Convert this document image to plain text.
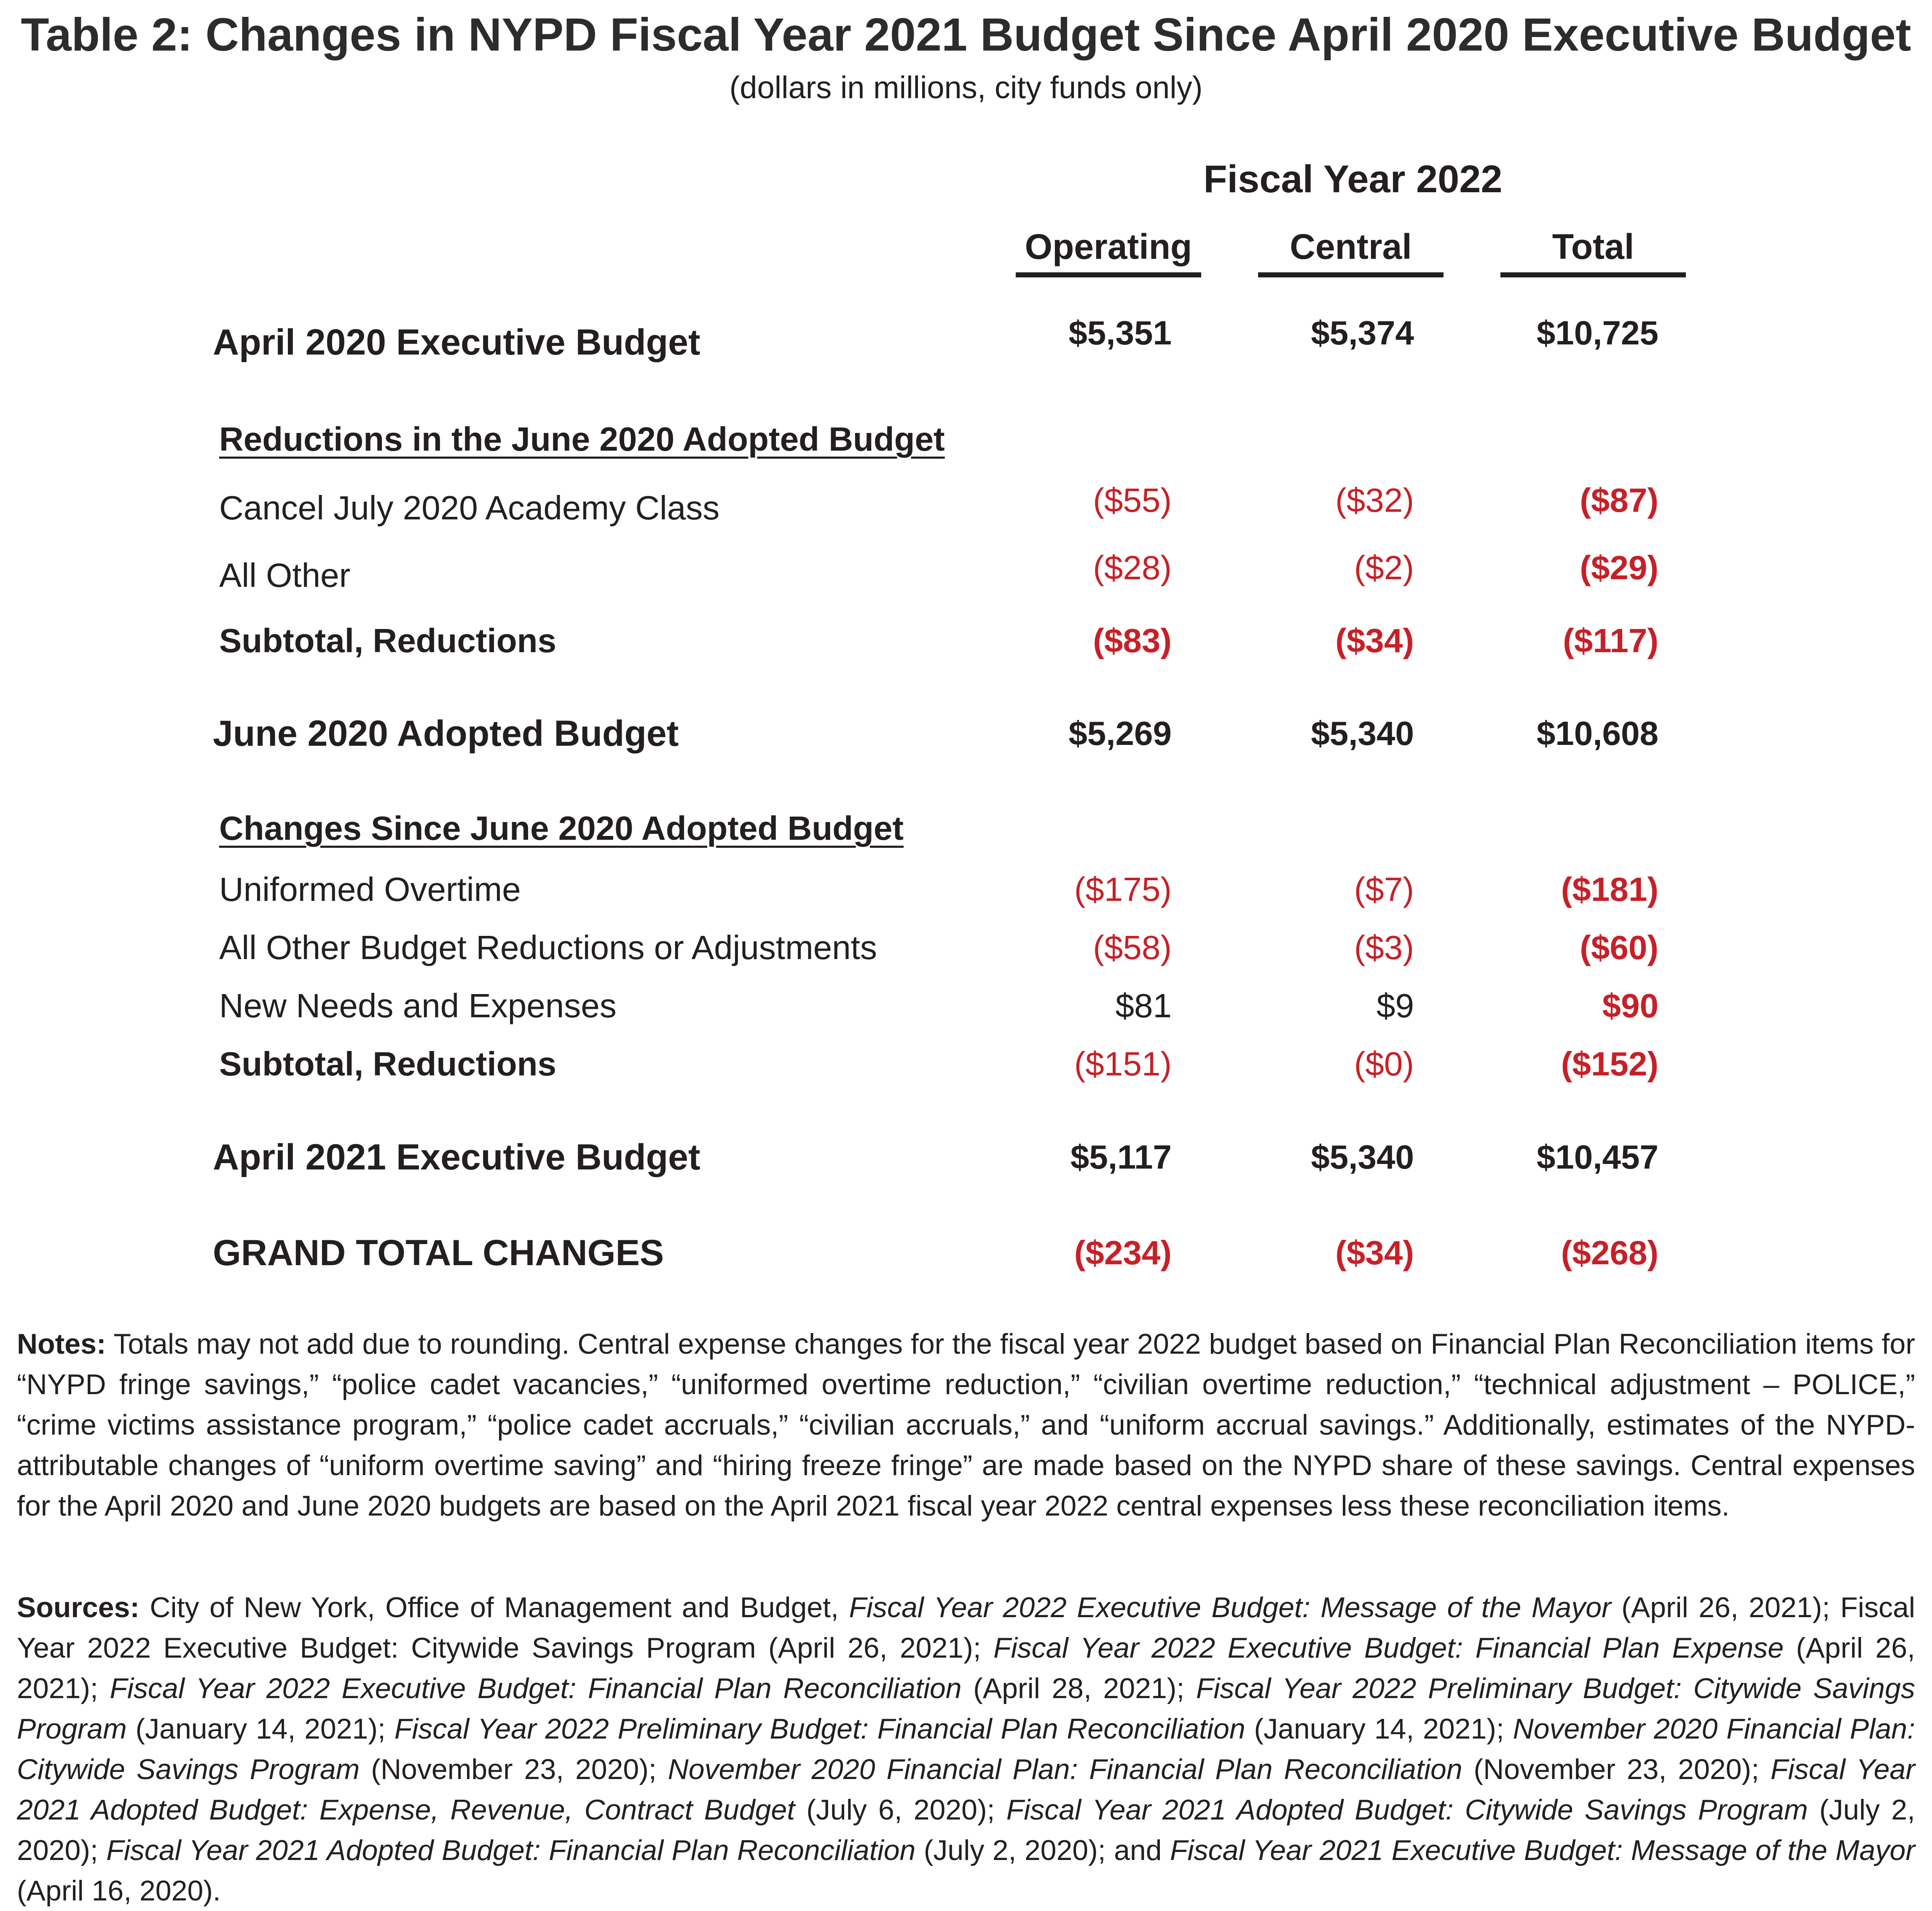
Table 2: Changes in NYPD Fiscal Year 2021 Budget Since April 2020 Executive Budget
(dollars in millions, city funds only)
Fiscal Year 2022
Operating	Central	Total
April 2020 Executive Budget	$5,351	$5,374	$10,725
Reductions in the June 2020 Adopted Budget
Cancel July 2020 Academy Class	($55)	($32)	($87)
All Other	($28)	($2)	($29)
Subtotal, Reductions	($83)	($34)	($117)
June 2020 Adopted Budget	$5,269	$5,340	$10,608
Changes Since June 2020 Adopted Budget
Uniformed Overtime	($175)	($7)	($181)
All Other Budget Reductions or Adjustments	($58)	($3)	($60)
New Needs and Expenses	$81	$9	$90
Subtotal, Reductions	($151)	($0)	($152)
April 2021 Executive Budget	$5,117	$5,340	$10,457
GRAND TOTAL CHANGES	($234)	($34)	($268)
Notes: Totals may not add due to rounding. Central expense changes for the fiscal year 2022 budget based on Financial Plan Reconciliation items for “NYPD fringe savings,” “police cadet vacancies,” “uniformed overtime reduction,” “civilian overtime reduction,” “technical adjustment – POLICE,” “crime victims assistance program,” “police cadet accruals,” “civilian accruals,” and “uniform accrual savings.” Additionally, estimates of the NYPD-attributable changes of “uniform overtime saving” and “hiring freeze fringe” are made based on the NYPD share of these savings. Central expenses for the April 2020 and June 2020 budgets are based on the April 2021 fiscal year 2022 central expenses less these reconciliation items.
Sources: City of New York, Office of Management and Budget, Fiscal Year 2022 Executive Budget: Message of the Mayor (April 26, 2021); Fiscal Year 2022 Executive Budget: Citywide Savings Program (April 26, 2021); Fiscal Year 2022 Executive Budget: Financial Plan Expense (April 26, 2021); Fiscal Year 2022 Executive Budget: Financial Plan Reconciliation (April 28, 2021); Fiscal Year 2022 Preliminary Budget: Citywide Savings Program (January 14, 2021); Fiscal Year 2022 Preliminary Budget: Financial Plan Reconciliation (January 14, 2021); November 2020 Financial Plan: Citywide Savings Program (November 23, 2020); November 2020 Financial Plan: Financial Plan Reconciliation (November 23, 2020); Fiscal Year 2021 Adopted Budget: Expense, Revenue, Contract Budget (July 6, 2020); Fiscal Year 2021 Adopted Budget: Citywide Savings Program (July 2, 2020); Fiscal Year 2021 Adopted Budget: Financial Plan Reconciliation (July 2, 2020); and Fiscal Year 2021 Executive Budget: Message of the Mayor (April 16, 2020).
